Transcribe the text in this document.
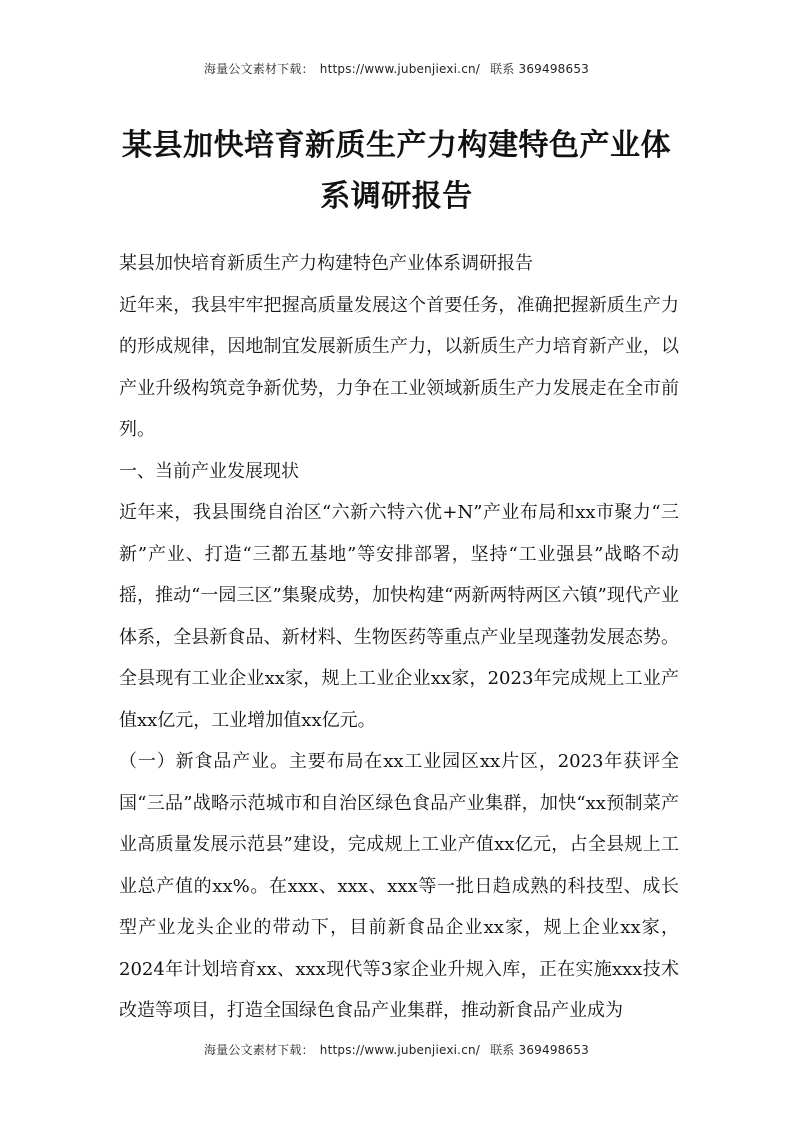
海量公文素材下载： https://www.jubenjiexi.cn/ 联系 369498653
某县加快培育新质生产力构建特色产业体系调研报告

某县加快培育新质生产力构建特色产业体系调研报告

近年来，我县牢牢把握高质量发展这个首要任务，准确把握新质生产力的形成规律，因地制宜发展新质生产力，以新质生产力培育新产业，以产业升级构筑竞争新优势，力争在工业领域新质生产力发展走在全市前列。

一、当前产业发展现状

近年来，我县围绕自治区“六新六特六优+N”产业布局和xx市聚力“三新”产业、打造“三都五基地”等安排部署，坚持“工业强县”战略不动摇，推动“一园三区”集聚成势，加快构建“两新两特两区六镇”现代产业体系，全县新食品、新材料、生物医药等重点产业呈现蓬勃发展态势。全县现有工业企业xx家，规上工业企业xx家，2023年完成规上工业产值xx亿元，工业增加值xx亿元。

（一）新食品产业。主要布局在xx工业园区xx片区，2023年获评全国“三品”战略示范城市和自治区绿色食品产业集群，加快“xx预制菜产业高质量发展示范县”建设，完成规上工业产值xx亿元，占全县规上工业总产值的xx%。在xxx、xxx、xxx等一批日趋成熟的科技型、成长型产业龙头企业的带动下，目前新食品企业xx家，规上企业xx家，2024年计划培育xx、xxx现代等3家企业升规入库，正在实施xxx技术改造等项目，打造全国绿色食品产业集群，推动新食品产业成为

海量公文素材下载： https://www.jubenjiexi.cn/ 联系 369498653
